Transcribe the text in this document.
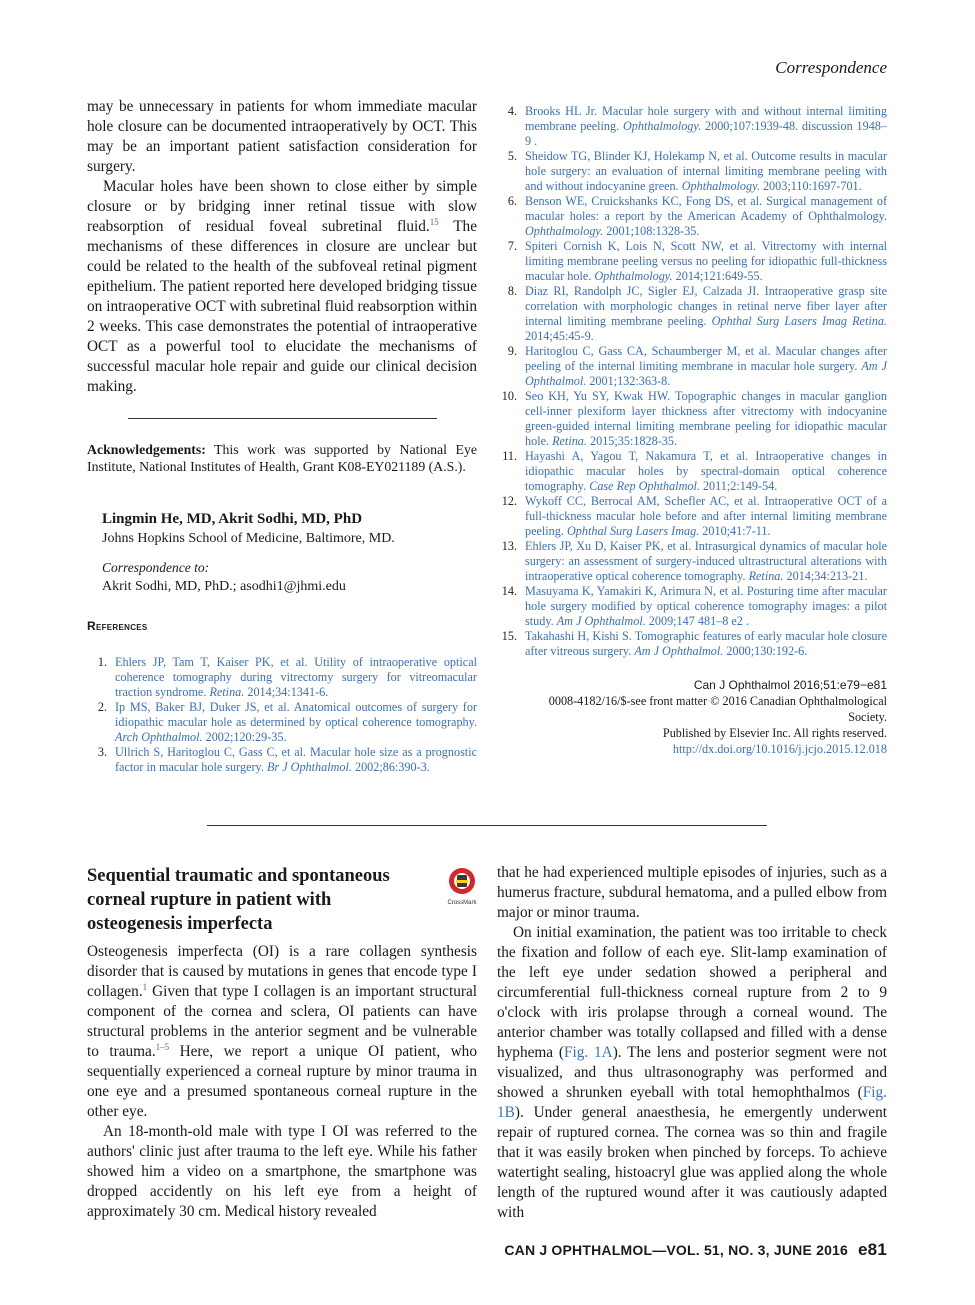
Correspondence

may be unnecessary in patients for whom immediate macular hole closure can be documented intraoperatively by OCT. This may be an important patient satisfaction consideration for surgery.

Macular holes have been shown to close either by simple closure or by bridging inner retinal tissue with slow reabsorption of residual foveal subretinal fluid.$^{15}$ The mechanisms of these differences in closure are unclear but could be related to the health of the subfoveal retinal pigment epithelium. The patient reported here developed bridging tissue on intraoperative OCT with subretinal fluid reabsorption within 2 weeks. This case demonstrates the potential of intraoperative OCT as a powerful tool to elucidate the mechanisms of successful macular hole repair and guide our clinical decision making.

Acknowledgements: This work was supported by National Eye Institute, National Institutes of Health, Grant K08-EY021189 (A.S.).

Lingmin He, MD, Akrit Sodhi, MD, PhD

Johns Hopkins School of Medicine, Baltimore, MD.

Correspondence to:

Akrit Sodhi, MD, PhD.; asodhi1@jhmi.edu

References

1. Ehlers JP, Tam T, Kaiser PK, et al. Utility of intraoperative optical coherence tomography during vitrectomy surgery for vitreomacular traction syndrome. Retina. 2014;34:1341-6.
2. Ip MS, Baker BJ, Duker JS, et al. Anatomical outcomes of surgery for idiopathic macular hole as determined by optical coherence tomography. Arch Ophthalmol. 2002;120:29-35.
3. Ullrich S, Haritoglou C, Gass C, et al. Macular hole size as a prognostic factor in macular hole surgery. Br J Ophthalmol. 2002;86:390-3.
4. Brooks HL Jr. Macular hole surgery with and without internal limiting membrane peeling. Ophthalmology. 2000;107:1939-48. discussion 1948–9 .
5. Sheidow TG, Blinder KJ, Holekamp N, et al. Outcome results in macular hole surgery: an evaluation of internal limiting membrane peeling with and without indocyanine green. Ophthalmology. 2003;110:1697-701.
6. Benson WE, Cruickshanks KC, Fong DS, et al. Surgical management of macular holes: a report by the American Academy of Ophthalmology. Ophthalmology. 2001;108:1328-35.
7. Spiteri Cornish K, Lois N, Scott NW, et al. Vitrectomy with internal limiting membrane peeling versus no peeling for idiopathic full-thickness macular hole. Ophthalmology. 2014;121:649-55.
8. Diaz RI, Randolph JC, Sigler EJ, Calzada JI. Intraoperative grasp site correlation with morphologic changes in retinal nerve fiber layer after internal limiting membrane peeling. Ophthal Surg Lasers Imag Retina. 2014;45:45-9.
9. Haritoglou C, Gass CA, Schaumberger M, et al. Macular changes after peeling of the internal limiting membrane in macular hole surgery. Am J Ophthalmol. 2001;132:363-8.
10. Seo KH, Yu SY, Kwak HW. Topographic changes in macular ganglion cell-inner plexiform layer thickness after vitrectomy with indocyanine green-guided internal limiting membrane peeling for idiopathic macular hole. Retina. 2015;35:1828-35.
11. Hayashi A, Yagou T, Nakamura T, et al. Intraoperative changes in idiopathic macular holes by spectral-domain optical coherence tomography. Case Rep Ophthalmol. 2011;2:149-54.
12. Wykoff CC, Berrocal AM, Schefler AC, et al. Intraoperative OCT of a full-thickness macular hole before and after internal limiting membrane peeling. Ophthal Surg Lasers Imag. 2010;41:7-11.
13. Ehlers JP, Xu D, Kaiser PK, et al. Intrasurgical dynamics of macular hole surgery: an assessment of surgery-induced ultrastructural alterations with intraoperative optical coherence tomography. Retina. 2014;34:213-21.
14. Masuyama K, Yamakiri K, Arimura N, et al. Posturing time after macular hole surgery modified by optical coherence tomography images: a pilot study. Am J Ophthalmol. 2009;147 481–8 e2 .
15. Takahashi H, Kishi S. Tomographic features of early macular hole closure after vitreous surgery. Am J Ophthalmol. 2000;130:192-6.
Can J Ophthalmol 2016;51:e79−e81
0008-4182/16/$-see front matter © 2016 Canadian Ophthalmological
Society.
Published by Elsevier Inc. All rights reserved.
http://dx.doi.org/10.1016/j.jcjo.2015.12.018
Sequential traumatic and spontaneous corneal rupture in patient with osteogenesis imperfecta
CrossMark

Osteogenesis imperfecta (OI) is a rare collagen synthesis disorder that is caused by mutations in genes that encode type I collagen.$^1$ Given that type I collagen is an important structural component of the cornea and sclera, OI patients can have structural problems in the anterior segment and be vulnerable to trauma.$^{1-5}$ Here, we report a unique OI patient, who sequentially experienced a corneal rupture by minor trauma in one eye and a presumed spontaneous corneal rupture in the other eye.

An 18-month-old male with type I OI was referred to the authors' clinic just after trauma to the left eye. While his father showed him a video on a smartphone, the smartphone was dropped accidently on his left eye from a height of approximately 30 cm. Medical history revealed

that he had experienced multiple episodes of injuries, such as a humerus fracture, subdural hematoma, and a pulled elbow from major or minor trauma.

On initial examination, the patient was too irritable to check the fixation and follow of each eye. Slit-lamp examination of the left eye under sedation showed a peripheral and circumferential full-thickness corneal rupture from 2 to 9 o'clock with iris prolapse through a corneal wound. The anterior chamber was totally collapsed and filled with a dense hyphema (Fig. 1A). The lens and posterior segment were not visualized, and thus ultrasonography was performed and showed a shrunken eyeball with total hemophthalmos (Fig. 1B). Under general anaesthesia, he emergently underwent repair of ruptured cornea. The cornea was so thin and fragile that it was easily broken when pinched by forceps. To achieve watertight sealing, histoacryl glue was applied along the whole length of the ruptured wound after it was cautiously adapted with

CAN J OPHTHALMOL—VOL. 51, NO. 3, JUNE 2016 e81
